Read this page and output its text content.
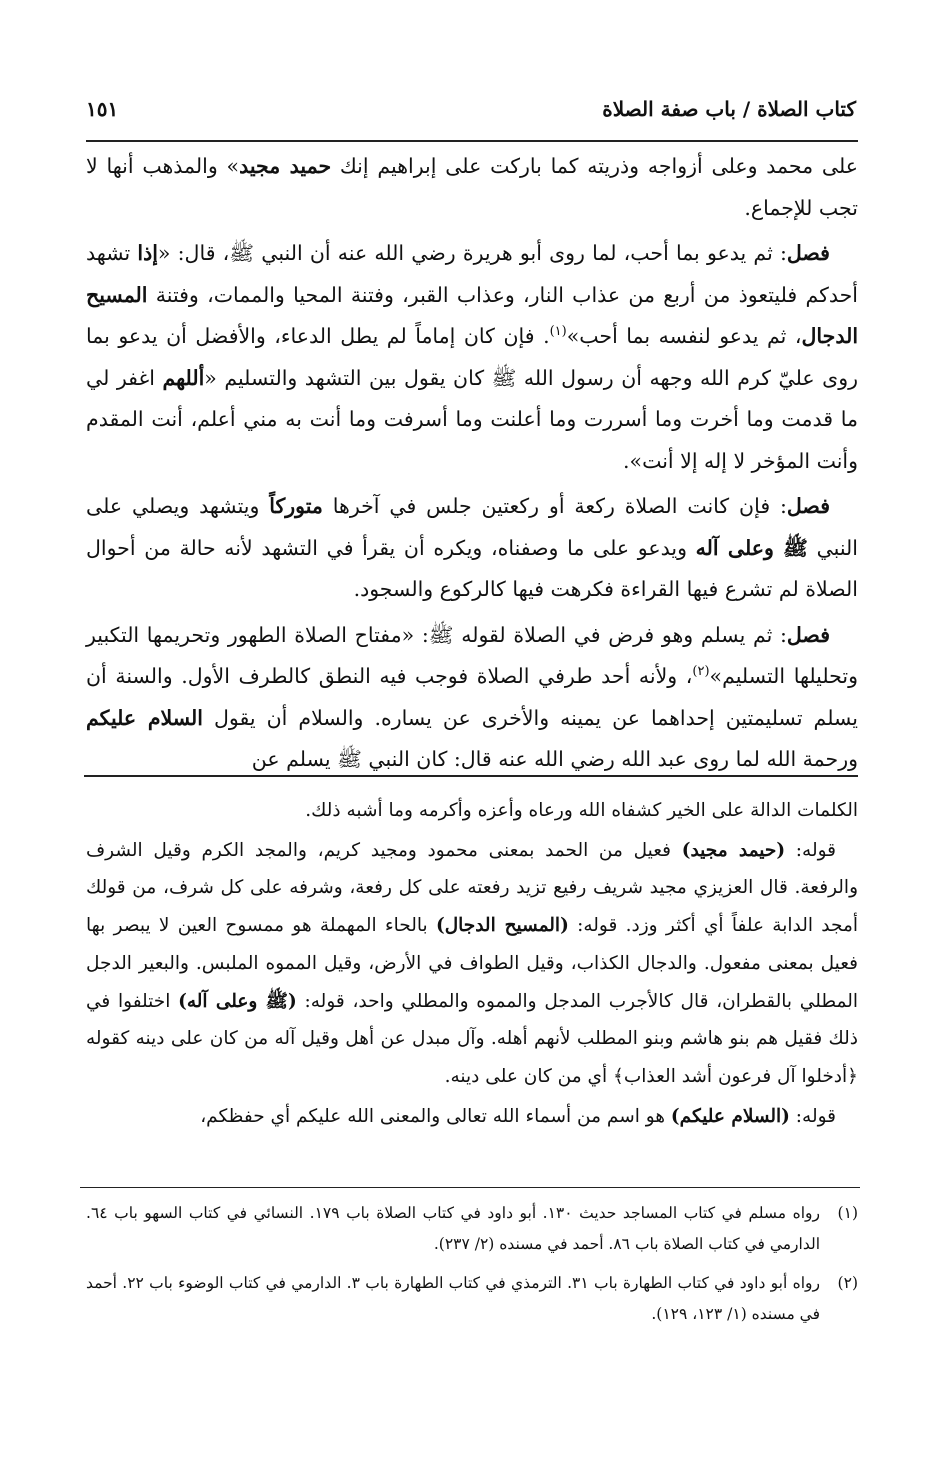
كتاب الصلاة / باب صفة الصلاة
١٥١

على محمد وعلى أزواجه وذريته كما باركت على إبراهيم إنك حميد مجيد» والمذهب أنها لا تجب للإجماع.

فصل: ثم يدعو بما أحب، لما روى أبو هريرة رضي الله عنه أن النبي ﷺ، قال: «إذا تشهد أحدكم فليتعوذ من أربع من عذاب النار، وعذاب القبر، وفتنة المحيا والممات، وفتنة المسيح الدجال، ثم يدعو لنفسه بما أحب»$^{(١)}$. فإن كان إماماً لم يطل الدعاء، والأفضل أن يدعو بما روى عليّ كرم الله وجهه أن رسول الله ﷺ كان يقول بين التشهد والتسليم «أللهم اغفر لي ما قدمت وما أخرت وما أسررت وما أعلنت وما أسرفت وما أنت به مني أعلم، أنت المقدم وأنت المؤخر لا إله إلا أنت».

فصل: فإن كانت الصلاة ركعة أو ركعتين جلس في آخرها متوركاً ويتشهد ويصلي على النبي ﷺ وعلى آله ويدعو على ما وصفناه، ويكره أن يقرأ في التشهد لأنه حالة من أحوال الصلاة لم تشرع فيها القراءة فكرهت فيها كالركوع والسجود.

فصل: ثم يسلم وهو فرض في الصلاة لقوله ﷺ: «مفتاح الصلاة الطهور وتحريمها التكبير وتحليلها التسليم»$^{(٢)}$، ولأنه أحد طرفي الصلاة فوجب فيه النطق كالطرف الأول. والسنة أن يسلم تسليمتين إحداهما عن يمينه والأخرى عن يساره. والسلام أن يقول السلام عليكم ورحمة الله لما روى عبد الله رضي الله عنه قال: كان النبي ﷺ يسلم عن

الكلمات الدالة على الخير كشفاه الله ورعاه وأعزه وأكرمه وما أشبه ذلك.

قوله: (حيمد مجيد) فعيل من الحمد بمعنى محمود ومجيد كريم، والمجد الكرم وقيل الشرف والرفعة. قال العزيزي مجيد شريف رفيع تزيد رفعته على كل رفعة، وشرفه على كل شرف، من قولك أمجد الدابة علفاً أي أكثر وزد. قوله: (المسيح الدجال) بالحاء المهملة هو ممسوح العين لا يبصر بها فعيل بمعنى مفعول. والدجال الكذاب، وقيل الطواف في الأرض، وقيل المموه الملبس. والبعير الدجل المطلي بالقطران، قال كالأجرب المدجل والمموه والمطلي واحد، قوله: (ﷺ وعلى آله) اختلفوا في ذلك فقيل هم بنو هاشم وبنو المطلب لأنهم أهله. وآل مبدل عن أهل وقيل آله من كان على دينه كقوله ﴿أدخلوا آل فرعون أشد العذاب﴾ أي من كان على دينه.

قوله: (السلام عليكم) هو اسم من أسماء الله تعالى والمعنى الله عليكم أي حفظكم،

(١)
رواه مسلم في كتاب المساجد حديث ١٣٠. أبو داود في كتاب الصلاة باب ١٧٩. النسائي في كتاب السهو باب ٦٤. الدارمي في كتاب الصلاة باب ٨٦. أحمد في مسنده (٢/ ٢٣٧).
(٢)
رواه أبو داود في كتاب الطهارة باب ٣١. الترمذي في كتاب الطهارة باب ٣. الدارمي في كتاب الوضوء باب ٢٢. أحمد في مسنده (١/ ١٢٣، ١٢٩).
